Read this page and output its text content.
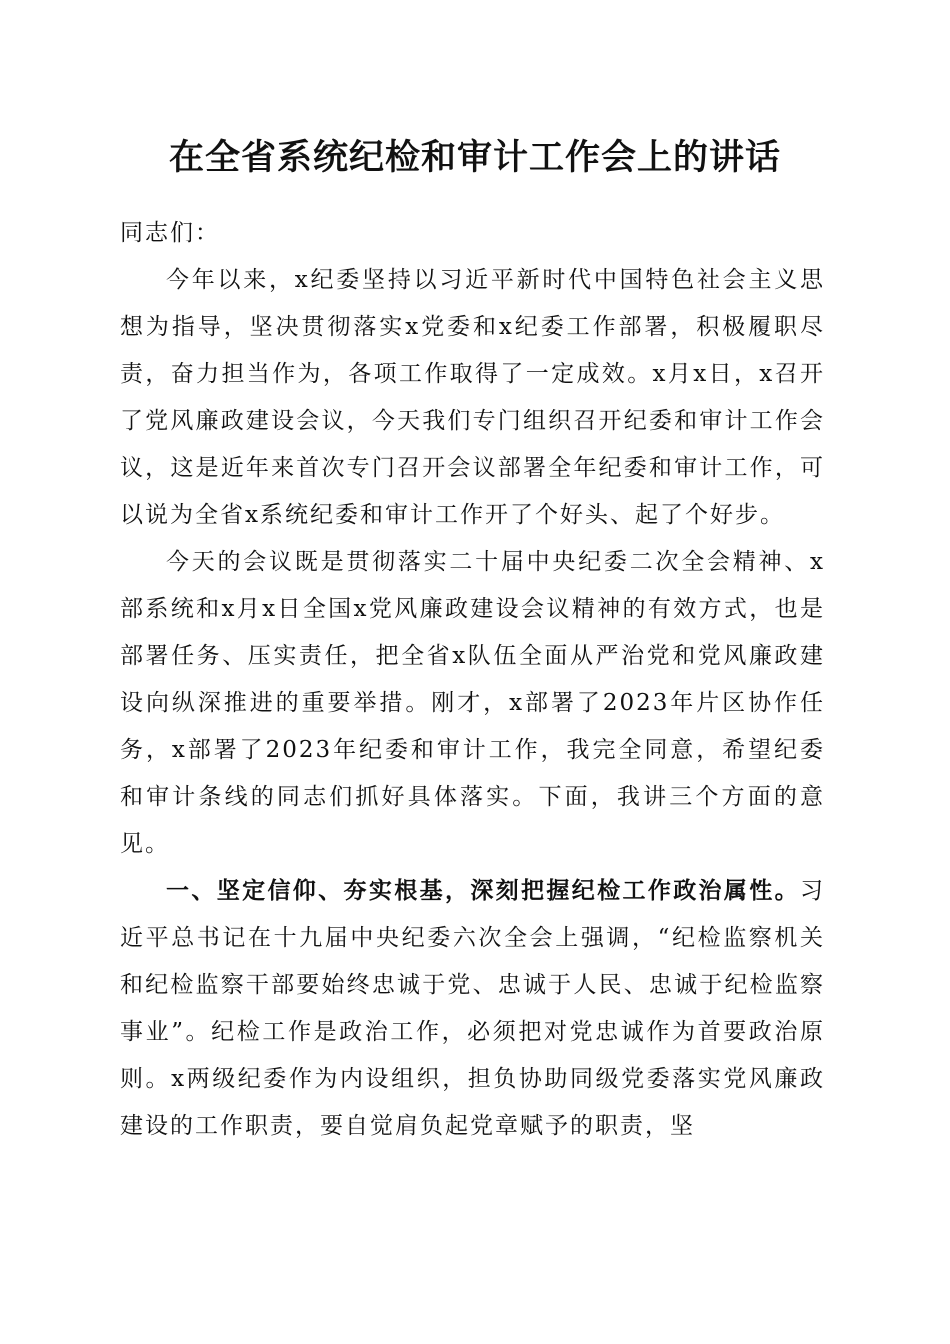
在全省系统纪检和审计工作会上的讲话

同志们：

今年以来，x纪委坚持以习近平新时代中国特色社会主义思想为指导，坚决贯彻落实x党委和x纪委工作部署，积极履职尽责，奋力担当作为，各项工作取得了一定成效。x月x日，x召开了党风廉政建设会议，今天我们专门组织召开纪委和审计工作会议，这是近年来首次专门召开会议部署全年纪委和审计工作，可以说为全省x系统纪委和审计工作开了个好头、起了个好步。

今天的会议既是贯彻落实二十届中央纪委二次全会精神、x部系统和x月x日全国x党风廉政建设会议精神的有效方式，也是部署任务、压实责任，把全省x队伍全面从严治党和党风廉政建设向纵深推进的重要举措。刚才，x部署了2023年片区协作任务，x部署了2023年纪委和审计工作，我完全同意，希望纪委和审计条线的同志们抓好具体落实。下面，我讲三个方面的意见。

一、坚定信仰、夯实根基，深刻把握纪检工作政治属性。习近平总书记在十九届中央纪委六次全会上强调，“纪检监察机关和纪检监察干部要始终忠诚于党、忠诚于人民、忠诚于纪检监察事业”。纪检工作是政治工作，必须把对党忠诚作为首要政治原则。x两级纪委作为内设组织，担负协助同级党委落实党风廉政建设的工作职责，要自觉肩负起党章赋予的职责，坚
